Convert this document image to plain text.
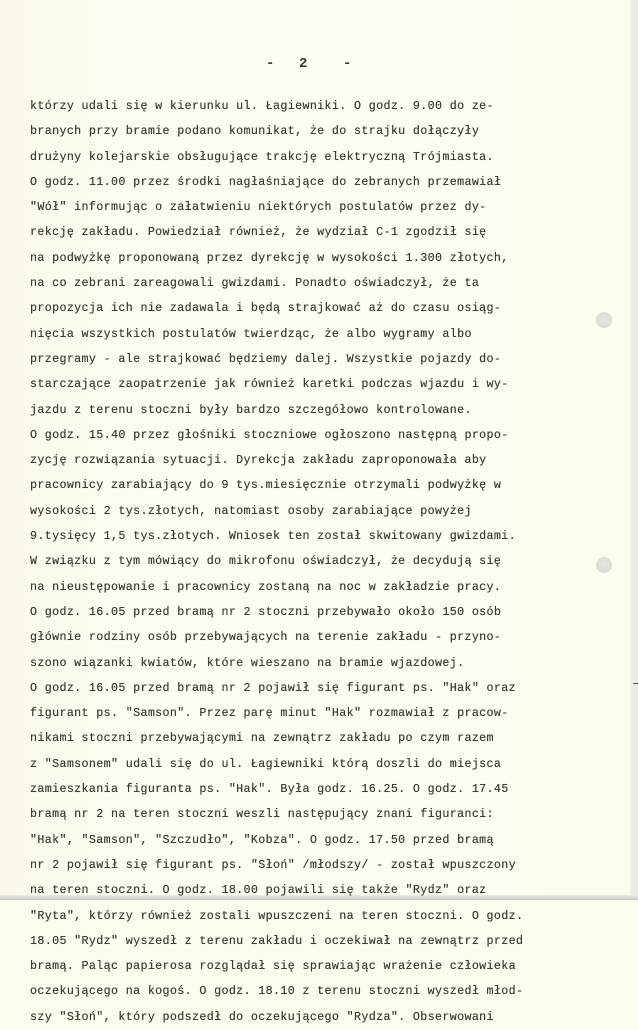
- 2	-
którzy udali się w kierunku ul. Łagiewniki. O godz. 9.00 do ze-
branych przy bramie podano komunikat, że do strajku dołączyły
drużyny kolejarskie obsługujące trakcję elektryczną Trójmiasta.
O godz. 11.00 przez środki nagłaśniające do zebranych przemawiał
"Wół" informując o załatwieniu niektórych postulatów przez dy-
rekcję zakładu. Powiedział również, że wydział C-1 zgodził się
na podwyżkę proponowaną przez dyrekcję w wysokości 1.300 złotych,
na co zebrani zareagowali gwizdami. Ponadto oświadczył, że ta
propozycja ich nie zadawala i będą strajkować aż do czasu osiąg-
nięcia wszystkich postulatów twierdząc, że albo wygramy albo
przegramy - ale strajkować będziemy dalej. Wszystkie pojazdy do-
starczające zaopatrzenie jak również karetki podczas wjazdu i wy-
jazdu z terenu stoczni były bardzo szczegółowo kontrolowane.
O godz. 15.40 przez głośniki stoczniowe ogłoszono następną propo-
zycję rozwiązania sytuacji. Dyrekcja zakładu zaproponowała aby
pracownicy zarabiający do 9 tys.miesięcznie otrzymali podwyżkę w
wysokości 2 tys.złotych, natomiast osoby zarabiające powyżej
9.tysięcy 1,5 tys.złotych. Wniosek ten został skwitowany gwizdami.
W związku z tym mówiący do mikrofonu oświadczył, że decydują się
na nieustępowanie i pracownicy zostaną na noc w zakładzie pracy.
O godz. 16.05 przed bramą nr 2 stoczni przebywało około 150 osób
głównie rodziny osób przebywających na terenie zakładu - przyno-
szono wiązanki kwiatów, które wieszano na bramie wjazdowej.
O godz. 16.05 przed bramą nr 2 pojawił się figurant ps. "Hak" oraz
figurant ps. "Samson". Przez parę minut "Hak" rozmawiał z pracow-
nikami stoczni przebywającymi na zewnątrz zakładu po czym razem
z "Samsonem" udali się do ul. Łagiewniki którą doszli do miejsca
zamieszkania figuranta ps. "Hak". Była godz. 16.25. O godz. 17.45
bramą nr 2 na teren stoczni weszli następujący znani figuranci:
"Hak", "Samson", "Szczudło", "Kobza". O godz. 17.50 przed bramą
nr 2 pojawił się figurant ps. "Słoń" /młodszy/ - został wpuszczony
na teren stoczni. O godz. 18.00 pojawili się także "Rydz" oraz
"Ryta", którzy również zostali wpuszczeni na teren stoczni. O godz.
18.05 "Rydz" wyszedł z terenu zakładu i oczekiwał na zewnątrz przed
bramą. Paląc papierosa rozglądał się sprawiając wrażenie człowieka
oczekującego na kogoś. O godz. 18.10 z terenu stoczni wyszedł młod-
szy "Słoń", który podszedł do oczekującego "Rydza". Obserwowani
